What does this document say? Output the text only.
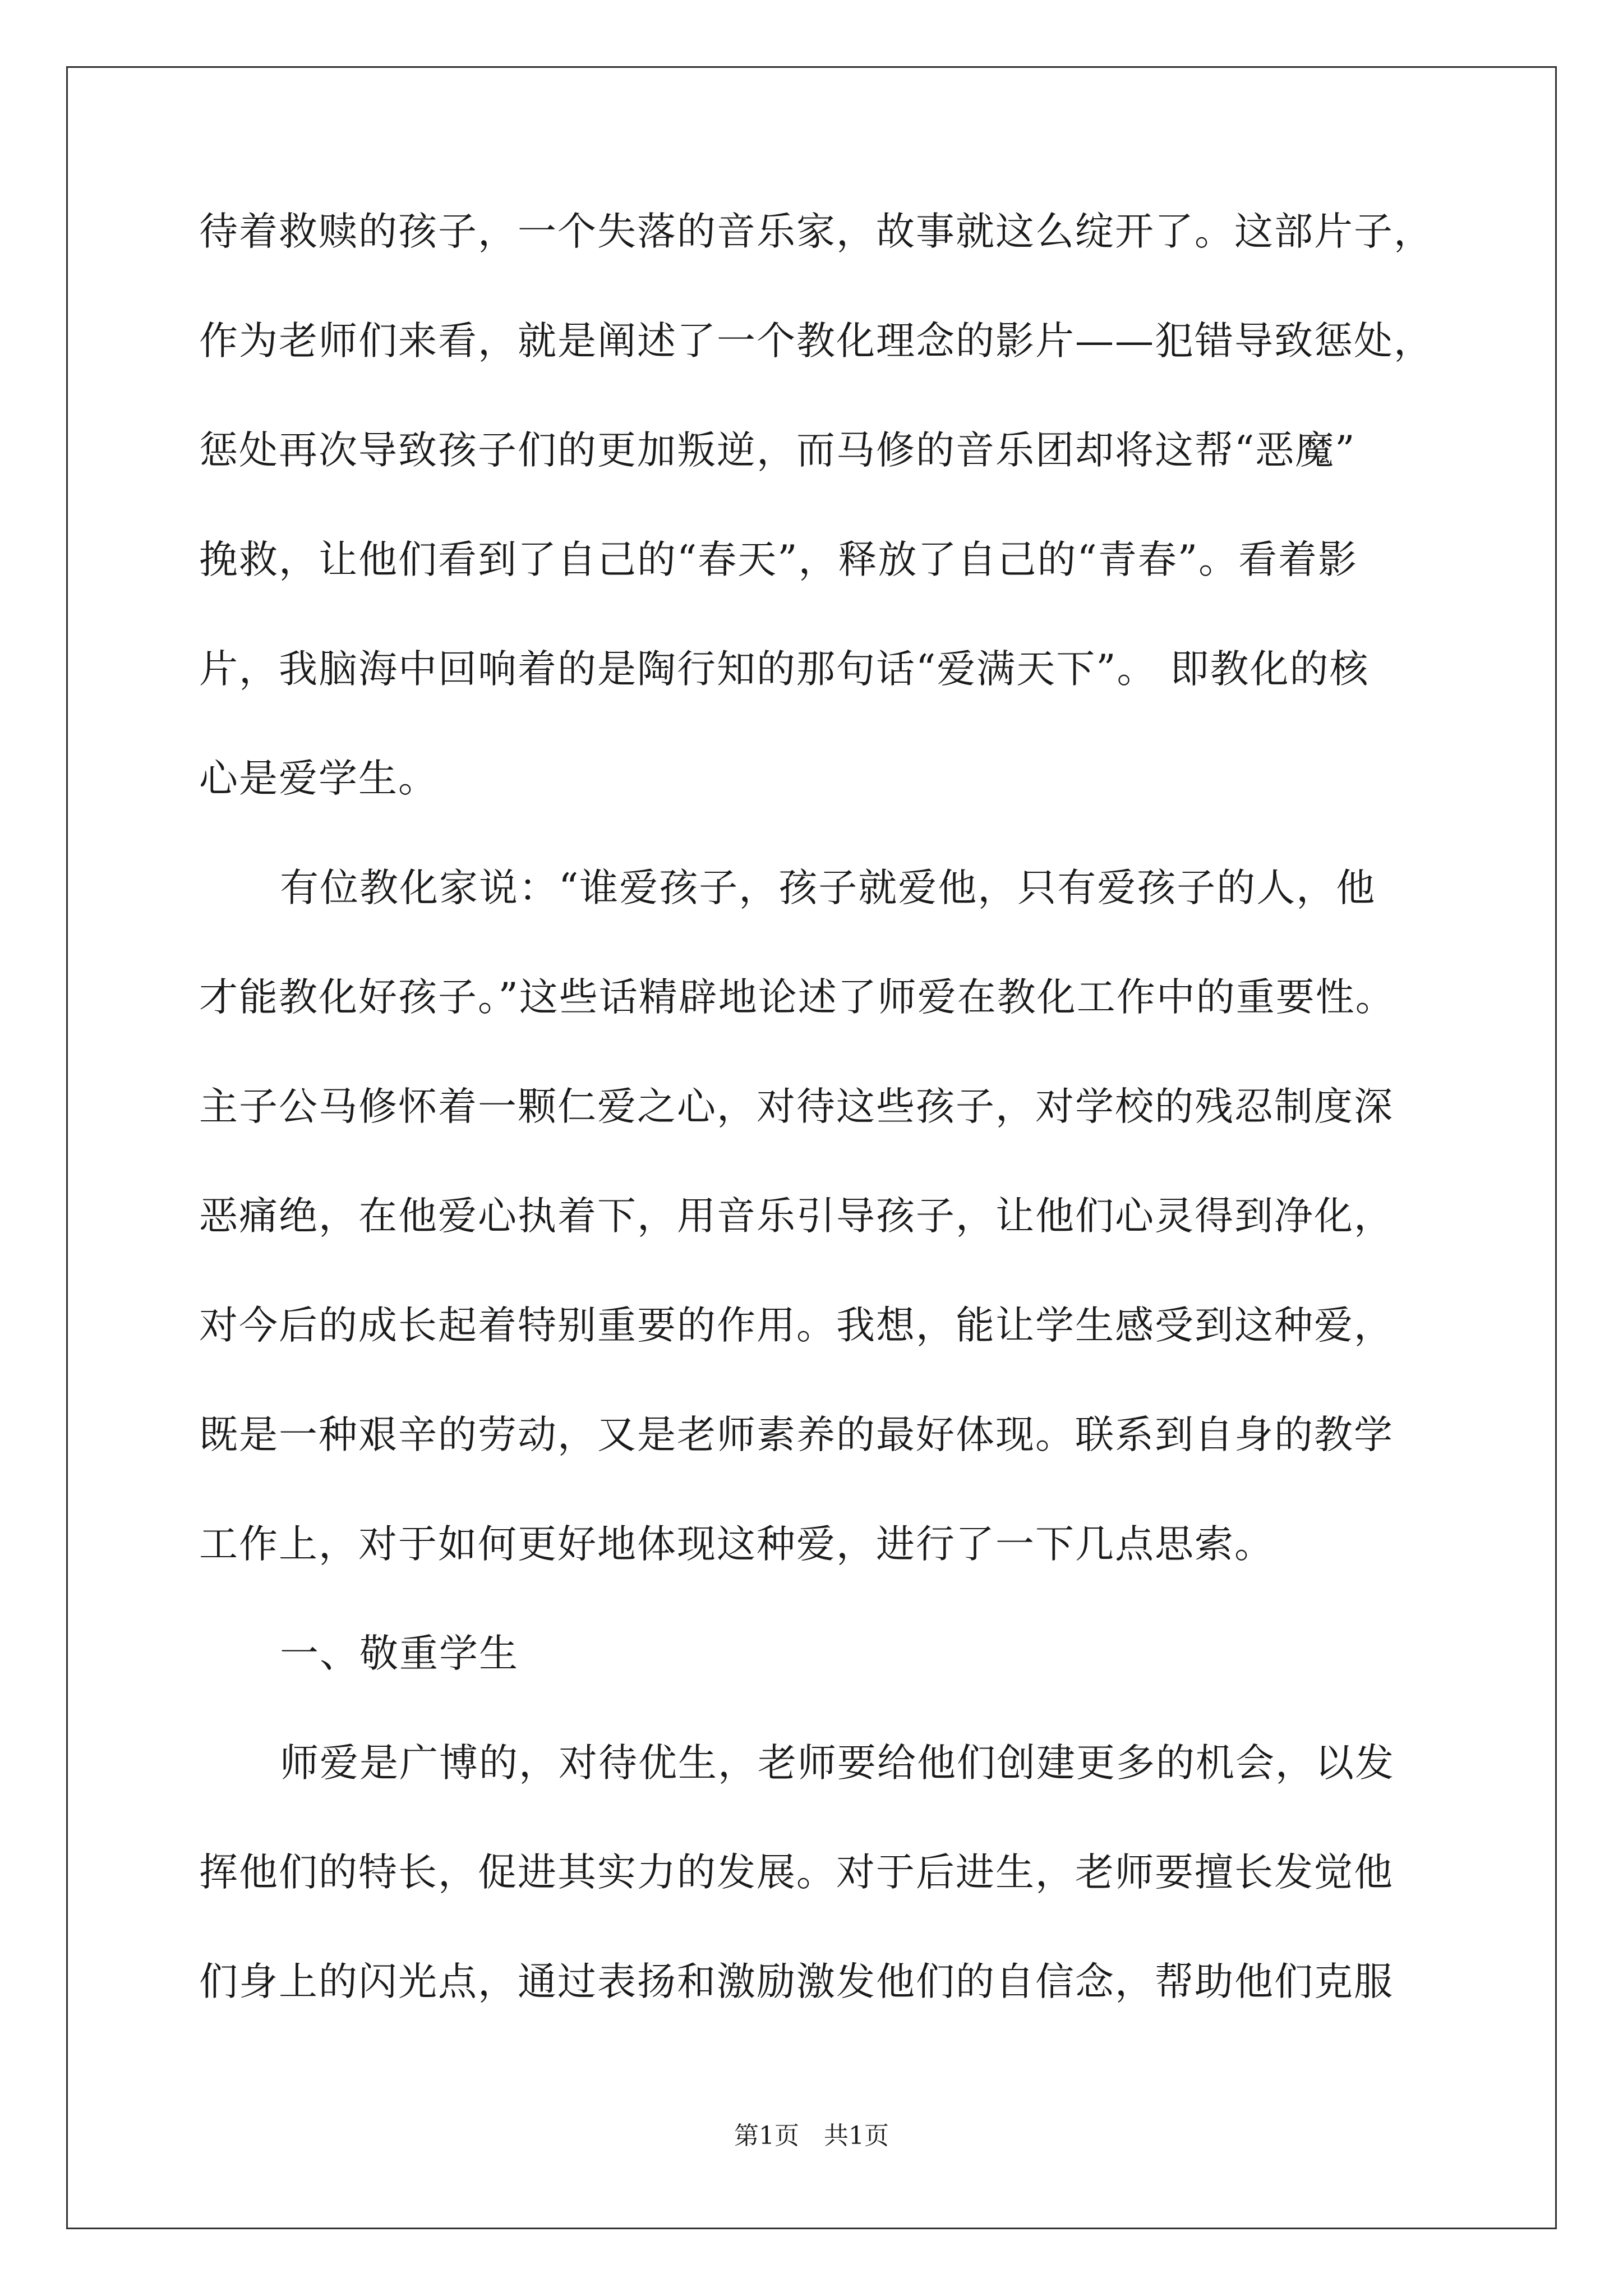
待着救赎的孩子，一个失落的音乐家，故事就这么绽开了。这部片子，
作为老师们来看，就是阐述了一个教化理念的影片——犯错导致惩处，
惩处再次导致孩子们的更加叛逆，而马修的音乐团却将这帮“恶魔”
挽救，让他们看到了自己的“春天”，释放了自己的“青春”。看着影
片，我脑海中回响着的是陶行知的那句话“爱满天下”。 即教化的核
心是爱学生。
有位教化家说：“谁爱孩子，孩子就爱他，只有爱孩子的人，他
才能教化好孩子。”这些话精辟地论述了师爱在教化工作中的重要性。
主子公马修怀着一颗仁爱之心，对待这些孩子，对学校的残忍制度深
恶痛绝，在他爱心执着下，用音乐引导孩子，让他们心灵得到净化，
对今后的成长起着特别重要的作用。我想，能让学生感受到这种爱，
既是一种艰辛的劳动，又是老师素养的最好体现。联系到自身的教学
工作上，对于如何更好地体现这种爱，进行了一下几点思索。
一、敬重学生
师爱是广博的，对待优生，老师要给他们创建更多的机会，以发
挥他们的特长，促进其实力的发展。对于后进生，老师要擅长发觉他
们身上的闪光点，通过表扬和激励激发他们的自信念，帮助他们克服
第1页　共1页
